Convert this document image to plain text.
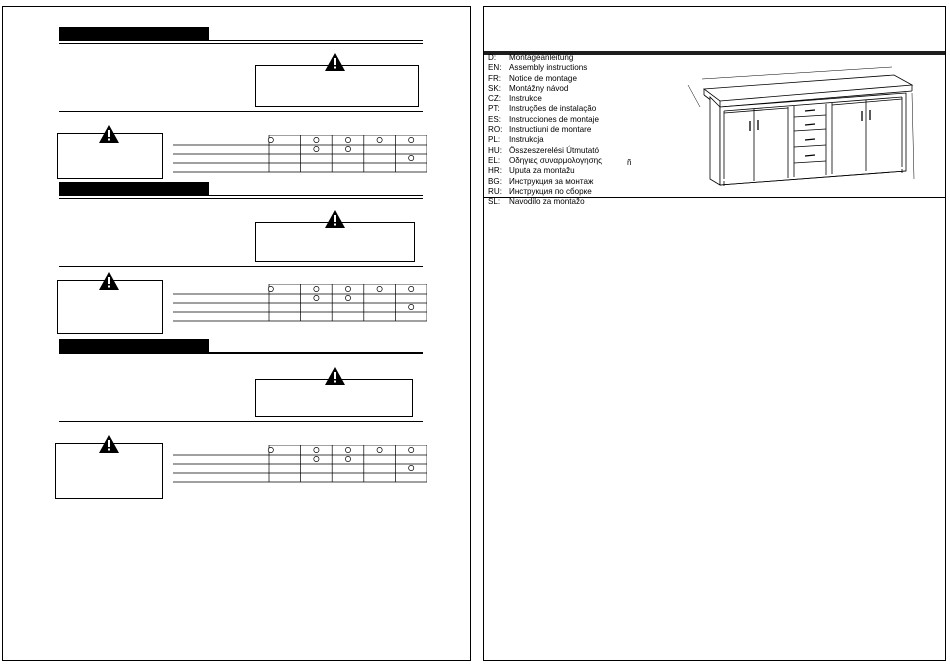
D: Montageanleitung
EN: Assembly instructions
FR: Notice de montage
SK: Montážny návod
CZ: Instrukce
PT: Instruções de instalação
ES: Instrucciones de montaje
RO: Instructiuni de montare
PL: Instrukcja
HU: Összeszerelési Útmutató
EL: Οδηγιες συναρμολογησης
HR: Uputa za montažu
BG: Инструкция за монтаж
RU: Инструкция по сборке
SL: Navodilo za montažo
ñ
